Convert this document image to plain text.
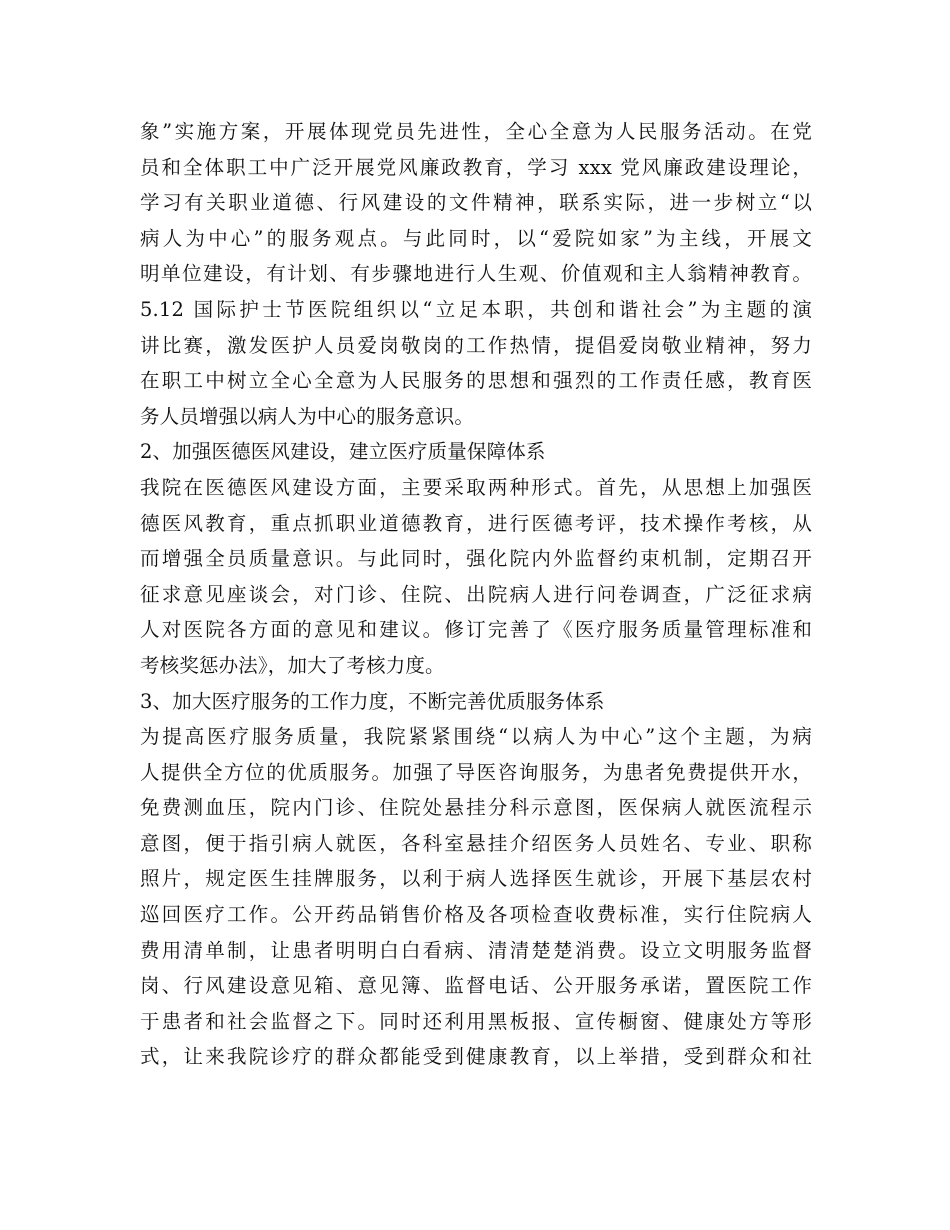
象”实施方案，开展体现党员先进性，全心全意为人民服务活动。在党
员和全体职工中广泛开展党风廉政教育，学习 xxx 党风廉政建设理论，
学习有关职业道德、行风建设的文件精神，联系实际，进一步树立“以
病人为中心”的服务观点。与此同时，以“爱院如家”为主线，开展文
明单位建设，有计划、有步骤地进行人生观、价值观和主人翁精神教育。
5.12 国际护士节医院组织以“立足本职，共创和谐社会”为主题的演
讲比赛，激发医护人员爱岗敬岗的工作热情，提倡爱岗敬业精神，努力
在职工中树立全心全意为人民服务的思想和强烈的工作责任感，教育医
务人员增强以病人为中心的服务意识。
2、加强医德医风建设，建立医疗质量保障体系
我院在医德医风建设方面，主要采取两种形式。首先，从思想上加强医
德医风教育，重点抓职业道德教育，进行医德考评，技术操作考核，从
而增强全员质量意识。与此同时，强化院内外监督约束机制，定期召开
征求意见座谈会，对门诊、住院、出院病人进行问卷调查，广泛征求病
人对医院各方面的意见和建议。修订完善了《医疗服务质量管理标准和
考核奖惩办法》，加大了考核力度。
3、加大医疗服务的工作力度，不断完善优质服务体系
为提高医疗服务质量，我院紧紧围绕“以病人为中心”这个主题，为病
人提供全方位的优质服务。加强了导医咨询服务，为患者免费提供开水，
免费测血压，院内门诊、住院处悬挂分科示意图，医保病人就医流程示
意图，便于指引病人就医，各科室悬挂介绍医务人员姓名、专业、职称
照片，规定医生挂牌服务，以利于病人选择医生就诊，开展下基层农村
巡回医疗工作。公开药品销售价格及各项检查收费标准，实行住院病人
费用清单制，让患者明明白白看病、清清楚楚消费。设立文明服务监督
岗、行风建设意见箱、意见簿、监督电话、公开服务承诺，置医院工作
于患者和社会监督之下。同时还利用黑板报、宣传橱窗、健康处方等形
式，让来我院诊疗的群众都能受到健康教育，以上举措，受到群众和社
